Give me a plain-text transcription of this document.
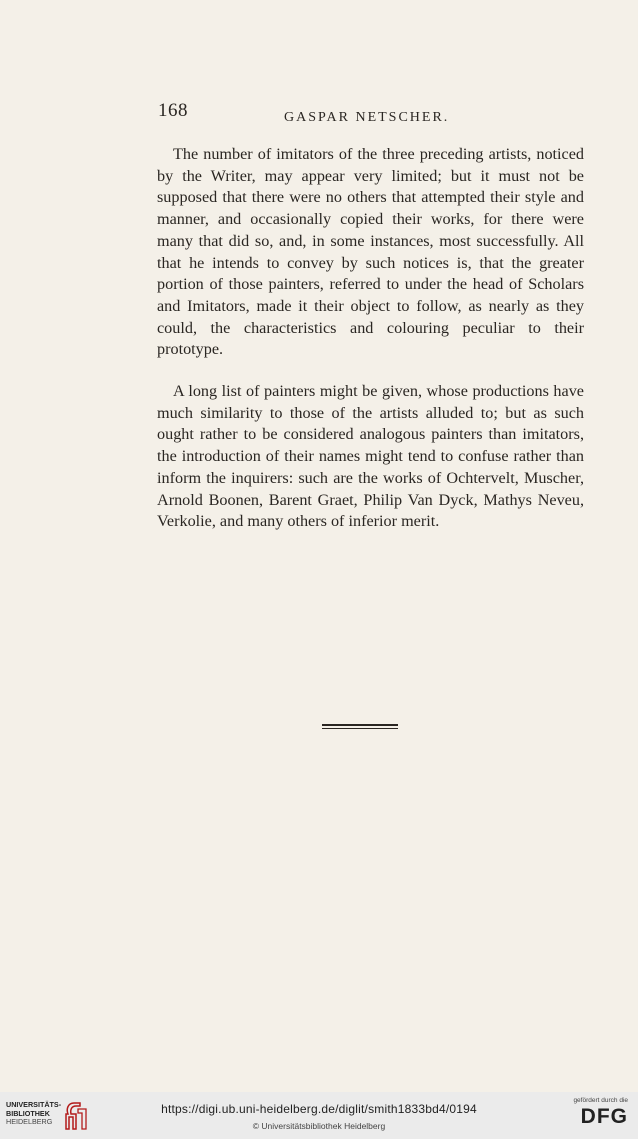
168	GASPAR NETSCHER.

The number of imitators of the three preceding artists, noticed by the Writer, may appear very limited; but it must not be supposed that there were no others that attempted their style and manner, and occasionally copied their works, for there were many that did so, and, in some instances, most successfully. All that he intends to convey by such notices is, that the greater portion of those painters, referred to under the head of Scholars and Imitators, made it their object to follow, as nearly as they could, the characteristics and colouring peculiar to their prototype.

A long list of painters might be given, whose productions have much similarity to those of the artists alluded to; but as such ought rather to be considered analogous painters than imitators, the introduction of their names might tend to confuse rather than inform the inquirers: such are the works of Ochtervelt, Muscher, Arnold Boonen, Barent Graet, Philip Van Dyck, Mathys Neveu, Verkolie, and many others of inferior merit.

UNIVERSITÄTS-
BIBLIOTHEK
HEIDELBERG
https://digi.ub.uni-heidelberg.de/diglit/smith1833bd4/0194
© Universitätsbibliothek Heidelberg
gefördert durch die
DFG
